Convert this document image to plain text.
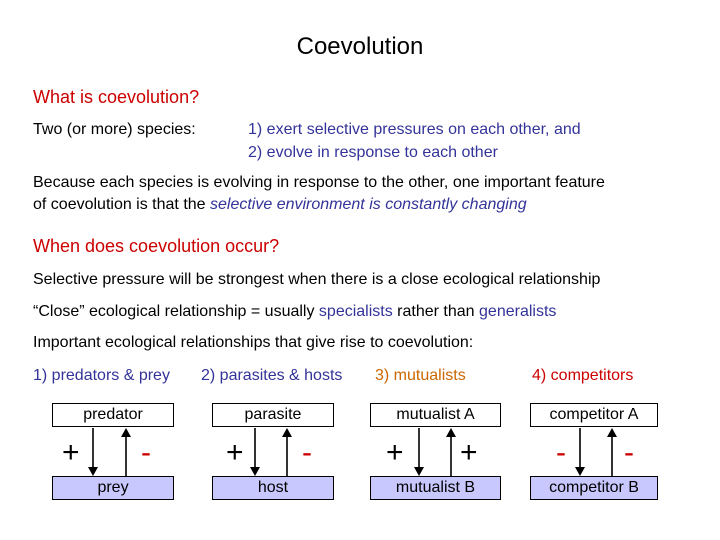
Coevolution
What is coevolution?
Two (or more) species:	1) exert selective pressures on each other, and
2) evolve in response to each other
Because each species is evolving in response to the other, one important feature
of coevolution is that the selective environment is constantly changing
When does coevolution occur?
Selective pressure will be strongest when there is a close ecological relationship
“Close” ecological relationship = usually specialists rather than generalists
Important ecological relationships that give rise to coevolution:
1) predators & prey 2) parasites & hosts 3) mutualists	4) competitors
predator
+ -
prey
parasite
+ -
host
mutualist A
+ +
mutualist B
competitor A
- -
competitor B
